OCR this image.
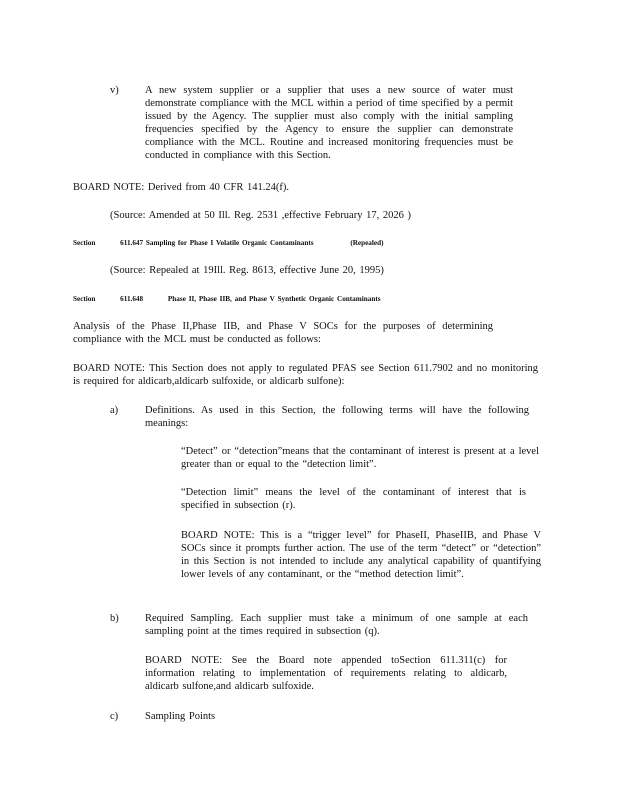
v)	A new system supplier or a supplier that uses a new source of water must demonstrate compliance with the MCL within a period of time specified by a permit issued by the Agency. The supplier must also comply with the initial sampling frequencies specified by the Agency to ensure the supplier can demonstrate compliance with the MCL. Routine and increased monitoring frequencies must be conducted in compliance with this Section.
BOARD NOTE: Derived from 40 CFR 141.24(f).
(Source: Amended at 50 Ill. Reg. 2531 ,effective February 17, 2026 )
Section	611.647 Sampling for Phase I Volatile Organic Contaminants	(Repealed)
(Source: Repealed at 19Ill. Reg. 8613, effective June 20, 1995)
Section	611.648	Phase II, Phase IIB, and Phase V Synthetic Organic Contaminants
Analysis of the Phase II,Phase IIB, and Phase V SOCs for the purposes of determining compliance with the MCL must be conducted as follows:
BOARD NOTE: This Section does not apply to regulated PFAS see Section 611.7902 and no monitoring is required for aldicarb,aldicarb sulfoxide, or aldicarb sulfone):
a)	Definitions. As used in this Section, the following terms will have the following meanings:
“Detect” or “detection”means that the contaminant of interest is present at a level greater than or equal to the “detection limit”.
“Detection limit” means the level of the contaminant of interest that is specified in subsection (r).
BOARD NOTE: This is a “trigger level” for PhaseII, PhaseIIB, and Phase V SOCs since it prompts further action. The use of the term “detect” or “detection” in this Section is not intended to include any analytical capability of quantifying lower levels of any contaminant, or the “method detection limit”.
b)	Required Sampling. Each supplier must take a minimum of one sample at each sampling point at the times required in subsection (q).
BOARD NOTE: See the Board note appended toSection 611.311(c) for information relating to implementation of requirements relating to aldicarb, aldicarb sulfone,and aldicarb sulfoxide.
c)	Sampling Points
